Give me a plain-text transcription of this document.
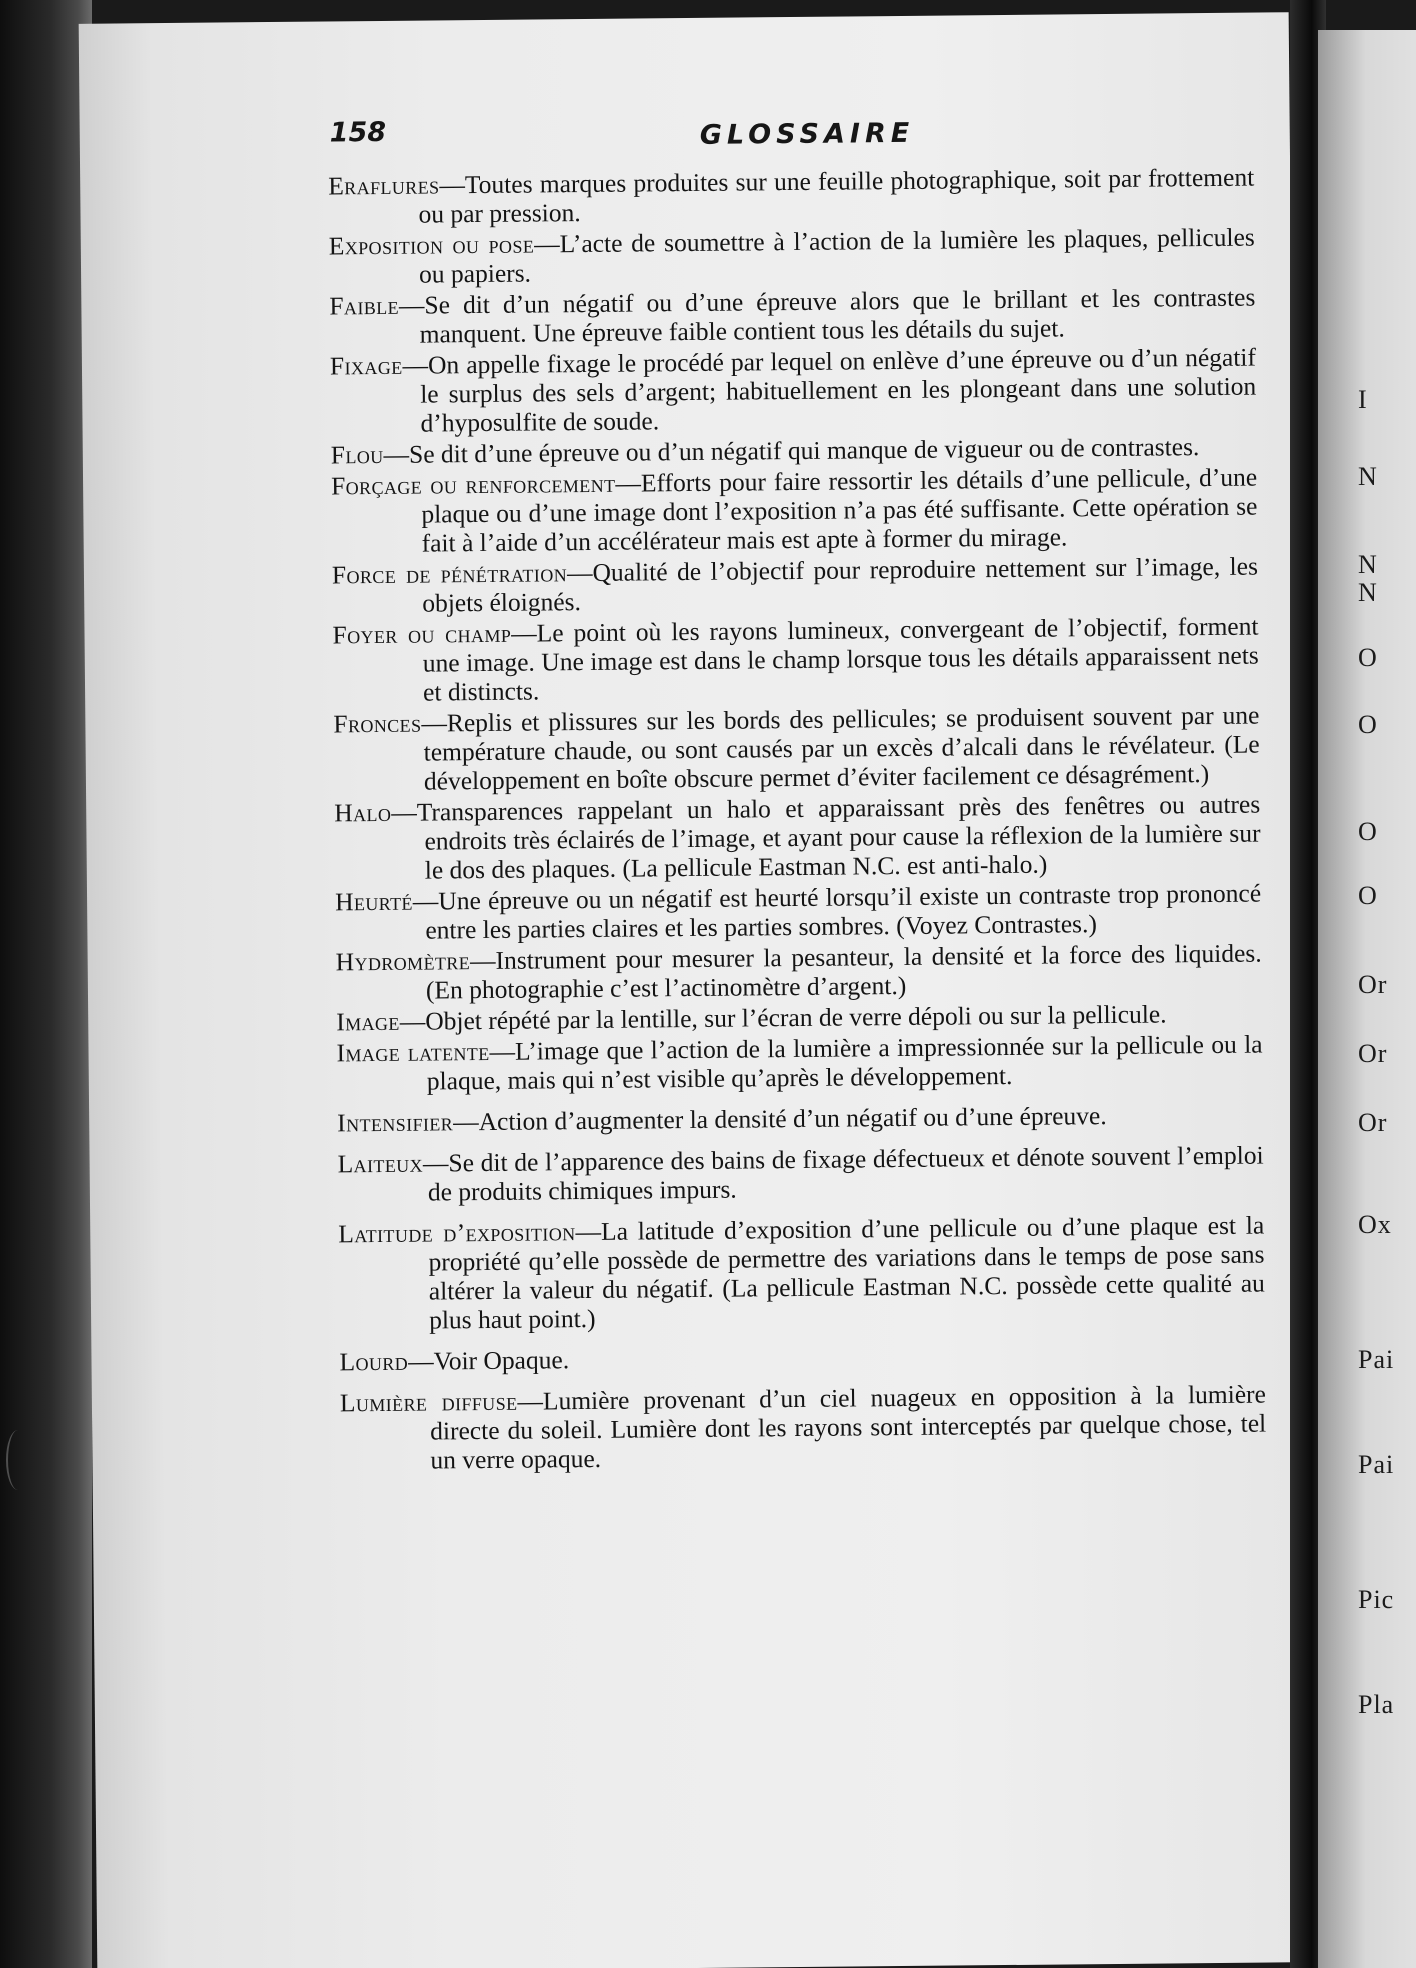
158	GLOSSAIRE

Eraflures—Toutes marques produites sur une feuille photographique, soit par frottement ou par pression.

Exposition ou pose—L’acte de soumettre à l’action de la lumière les plaques, pellicules ou papiers.

Faible—Se dit d’un négatif ou d’une épreuve alors que le brillant et les contrastes manquent. Une épreuve faible contient tous les détails du sujet.

Fixage—On appelle fixage le procédé par lequel on enlève d’une épreuve ou d’un négatif le surplus des sels d’argent; habituellement en les plongeant dans une solution d’hyposulfite de soude.

Flou—Se dit d’une épreuve ou d’un négatif qui manque de vigueur ou de contrastes.

Forçage ou renforcement—Efforts pour faire ressortir les détails d’une pellicule, d’une plaque ou d’une image dont l’exposition n’a pas été suffisante. Cette opération se fait à l’aide d’un accélérateur mais est apte à former du mirage.

Force de pénétration—Qualité de l’objectif pour reproduire nettement sur l’image, les objets éloignés.

Foyer ou champ—Le point où les rayons lumineux, convergeant de l’objectif, forment une image. Une image est dans le champ lorsque tous les détails apparaissent nets et distincts.

Fronces—Replis et plissures sur les bords des pellicules; se produisent souvent par une température chaude, ou sont causés par un excès d’alcali dans le révélateur. (Le développement en boîte obscure permet d’éviter facilement ce désagrément.)

Halo—Transparences rappelant un halo et apparaissant près des fenêtres ou autres endroits très éclairés de l’image, et ayant pour cause la réflexion de la lumière sur le dos des plaques. (La pellicule Eastman N.C. est anti-halo.)

Heurté—Une épreuve ou un négatif est heurté lorsqu’il existe un contraste trop prononcé entre les parties claires et les parties sombres. (Voyez Contrastes.)

Hydromètre—Instrument pour mesurer la pesanteur, la densité et la force des liquides. (En photographie c’est l’actinomètre d’argent.)

Image—Objet répété par la lentille, sur l’écran de verre dépoli ou sur la pellicule.

Image latente—L’image que l’action de la lumière a impressionnée sur la pellicule ou la plaque, mais qui n’est visible qu’après le développement.

Intensifier—Action d’augmenter la densité d’un négatif ou d’une épreuve.

Laiteux—Se dit de l’apparence des bains de fixage défectueux et dénote souvent l’emploi de produits chimiques impurs.

Latitude d’exposition—La latitude d’exposition d’une pellicule ou d’une plaque est la propriété qu’elle possède de permettre des variations dans le temps de pose sans altérer la valeur du négatif. (La pellicule Eastman N.C. possède cette qualité au plus haut point.)

Lourd—Voir Opaque.

Lumière diffuse—Lumière provenant d’un ciel nuageux en opposition à la lumière directe du soleil. Lumière dont les rayons sont interceptés par quelque chose, tel un verre opaque.

I
N
N
N
O
O
O
O
Or
Or
Or
Ox
Pai
Pai
Pic
Pla
